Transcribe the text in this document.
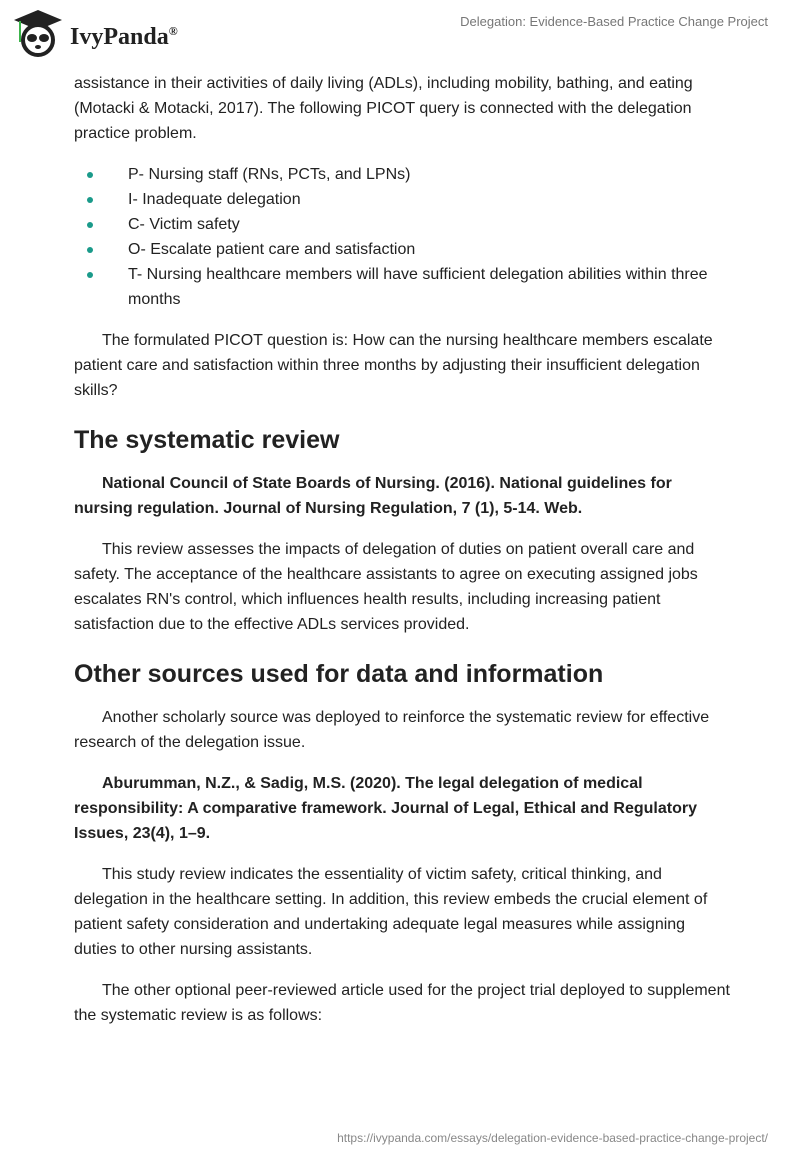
IvyPanda®
Delegation: Evidence-Based Practice Change Project

assistance in their activities of daily living (ADLs), including mobility, bathing, and eating (Motacki & Motacki, 2017). The following PICOT query is connected with the delegation practice problem.

P- Nursing staff (RNs, PCTs, and LPNs)
I- Inadequate delegation
C- Victim safety
O- Escalate patient care and satisfaction
T- Nursing healthcare members will have sufficient delegation abilities within three months

The formulated PICOT question is: How can the nursing healthcare members escalate patient care and satisfaction within three months by adjusting their insufficient delegation skills?

The systematic review

National Council of State Boards of Nursing. (2016). National guidelines for nursing regulation. Journal of Nursing Regulation, 7 (1), 5-14. Web.

This review assesses the impacts of delegation of duties on patient overall care and safety. The acceptance of the healthcare assistants to agree on executing assigned jobs escalates RN's control, which influences health results, including increasing patient satisfaction due to the effective ADLs services provided.

Other sources used for data and information

Another scholarly source was deployed to reinforce the systematic review for effective research of the delegation issue.

Aburumman, N.Z., & Sadig, M.S. (2020). The legal delegation of medical responsibility: A comparative framework. Journal of Legal, Ethical and Regulatory Issues, 23(4), 1–9.

This study review indicates the essentiality of victim safety, critical thinking, and delegation in the healthcare setting. In addition, this review embeds the crucial element of patient safety consideration and undertaking adequate legal measures while assigning duties to other nursing assistants.

The other optional peer-reviewed article used for the project trial deployed to supplement the systematic review is as follows:

https://ivypanda.com/essays/delegation-evidence-based-practice-change-project/
